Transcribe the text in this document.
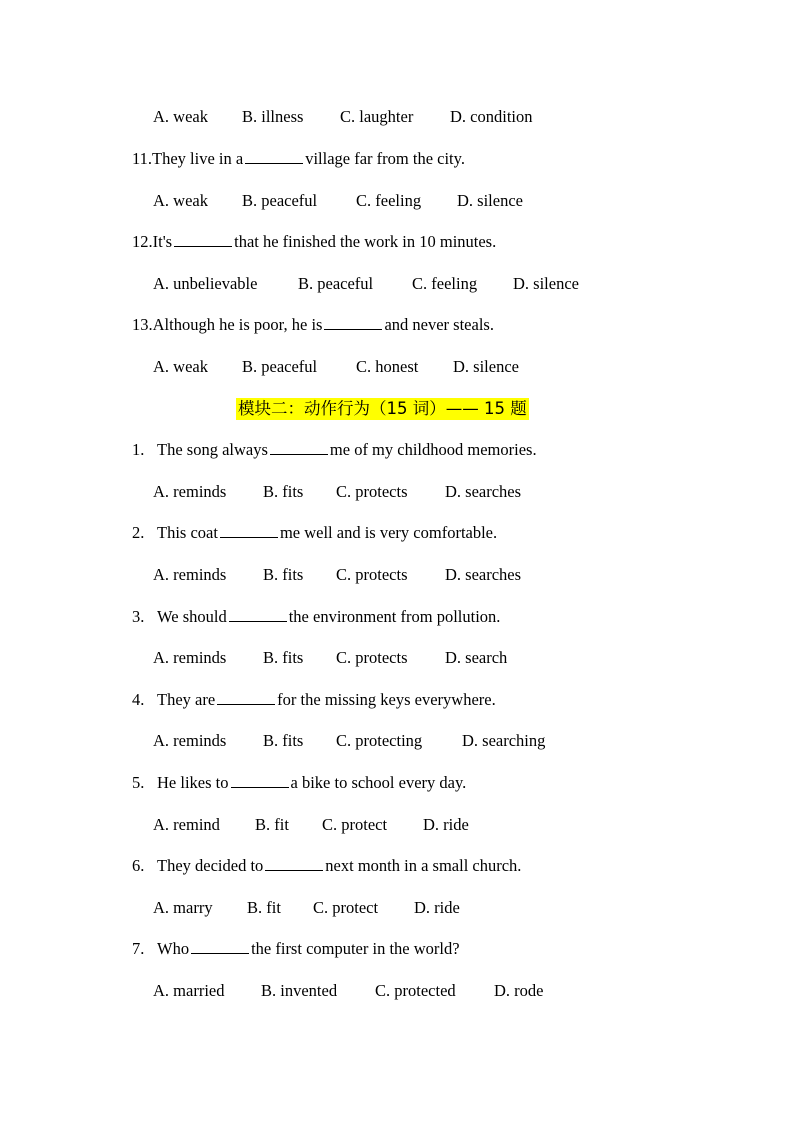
A. weak B. illness C. laughter D. condition
11.They live in a	village far from the city.
A. weak B. peaceful C. feeling D. silence
12.It's	that he finished the work in 10 minutes.
A. unbelievable B. peaceful C. feeling D. silence
13.Although he is poor, he is	and never steals.
A. weak B. peaceful C. honest D. silence
模块二：动作行为（15 词）—— 15 题
1. The song always	me of my childhood memories.
A. reminds B. fits C. protects D. searches
2. This coat	me well and is very comfortable.
A. reminds B. fits C. protects D. searches
3. We should	the environment from pollution.
A. reminds B. fits C. protects D. search
4. They are	for the missing keys everywhere.
A. reminds B. fits C. protecting D. searching
5. He likes to	a bike to school every day.
A. remind B. fit C. protect D. ride
6. They decided to	next month in a small church.
A. marry B. fit C. protect D. ride
7. Who	the first computer in the world?
A. married B. invented C. protected D. rode
